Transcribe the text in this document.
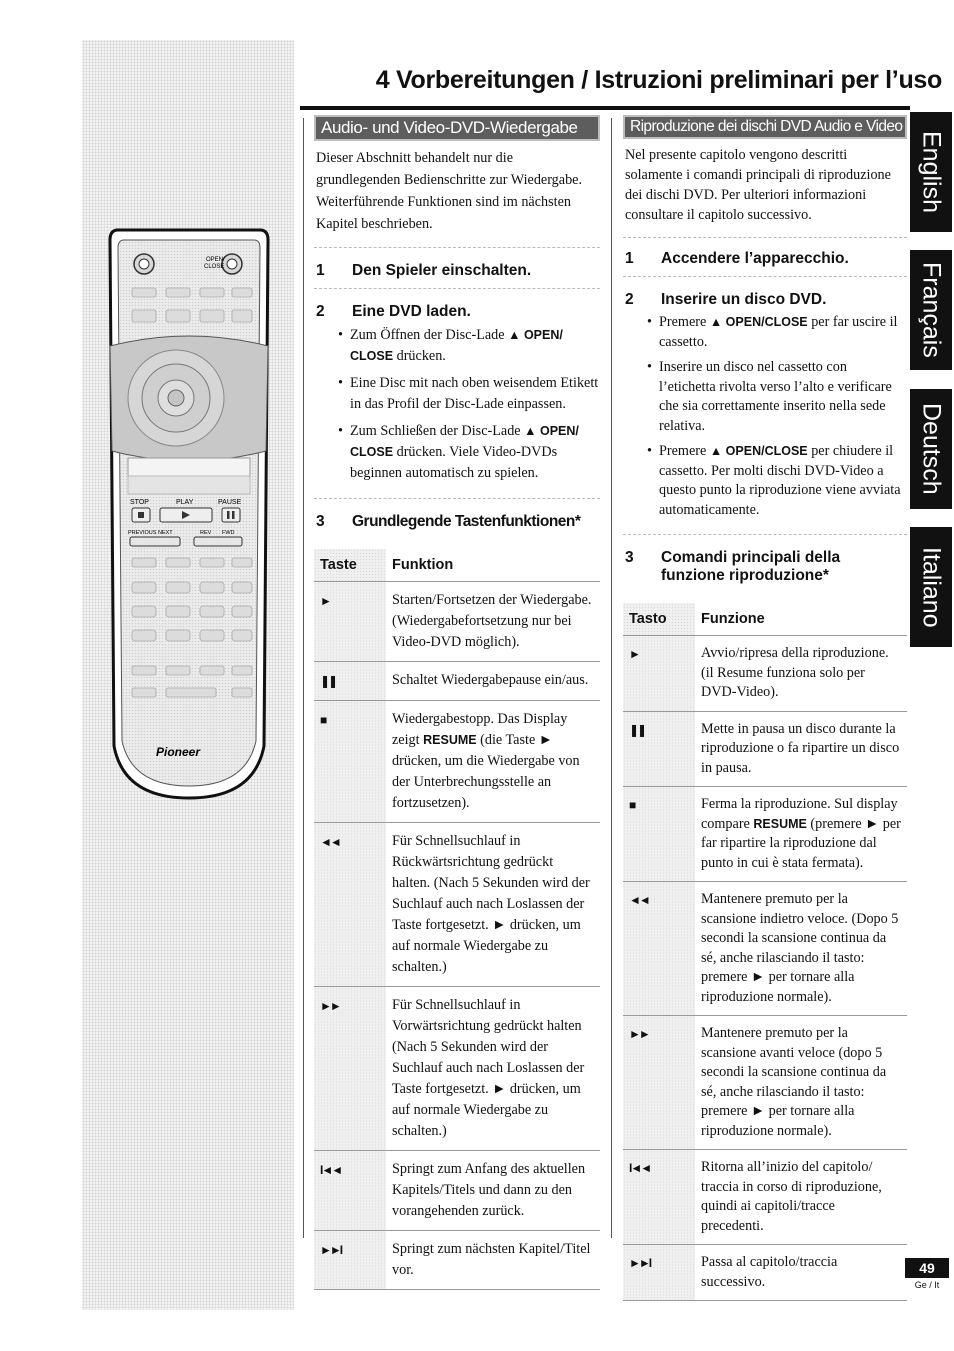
OPEN/
CLOSE
STOP	PLAY	PAUSE
PREVIOUS NEXT	REV FWD
Pioneer
4 Vorbereitungen / Istruzioni preliminari per l’uso
Audio- und Video-DVD-Wiedergabe

Dieser Abschnitt behandelt nur die grundlegenden Bedienschritte zur Wiedergabe. Weiterführende Funktionen sind im nächsten Kapitel beschrieben.

1	Den Spieler einschalten.
2	Eine DVD laden.
• Zum Öffnen der Disc-Lade ▲ OPEN/ CLOSE drücken.
• Eine Disc mit nach oben weisendem Etikett in das Profil der Disc-Lade einpassen.
• Zum Schließen der Disc-Lade ▲ OPEN/ CLOSE drücken. Viele Video-DVDs beginnen automatisch zu spielen.
3	Grundlegende Tastenfunktionen*
Taste	Funktion
►	Starten/Fortsetzen der Wiedergabe. (Wiedergabefortsetzung nur bei Video-DVD möglich).
❚❚	Schaltet Wiedergabepause ein/aus.
■	Wiedergabestopp. Das Display zeigt RESUME (die Taste ► drücken, um die Wiedergabe von der Unterbrechungsstelle an fortzusetzen).
◄◄	Für Schnellsuchlauf in Rückwärtsrichtung gedrückt halten. (Nach 5 Sekunden wird der Suchlauf auch nach Loslassen der Taste fortgesetzt. ► drücken, um auf normale Wiedergabe zu schalten.)
►►	Für Schnellsuchlauf in Vorwärtsrichtung gedrückt halten (Nach 5 Sekunden wird der Suchlauf auch nach Loslassen der Taste fortgesetzt. ► drücken, um auf normale Wiedergabe zu schalten.)
I◄◄	Springt zum Anfang des aktuellen Kapitels/Titels und dann zu den vorangehenden zurück.
►►I	Springt zum nächsten Kapitel/Titel vor.
Riproduzione dei dischi DVD Audio e Video

Nel presente capitolo vengono descritti solamente i comandi principali di riproduzione dei dischi DVD. Per ulteriori informazioni consultare il capitolo successivo.

1	Accendere l’apparecchio.
2	Inserire un disco DVD.
• Premere ▲ OPEN/CLOSE per far uscire il cassetto.
• Inserire un disco nel cassetto con l’etichetta rivolta verso l’alto e verificare che sia correttamente inserito nella sede relativa.
• Premere ▲ OPEN/CLOSE per chiudere il cassetto. Per molti dischi DVD-Video a questo punto la riproduzione viene avviata automaticamente.
3	Comandi principali della funzione riproduzione*
Tasto	Funzione
►	Avvio/ripresa della riproduzione. (il Resume funziona solo per DVD-Video).
❚❚	Mette in pausa un disco durante la riproduzione o fa ripartire un disco in pausa.
■	Ferma la riproduzione. Sul display compare RESUME (premere ► per far ripartire la riproduzione dal punto in cui è stata fermata).
◄◄	Mantenere premuto per la scansione indietro veloce. (Dopo 5 secondi la scansione continua da sé, anche rilasciando il tasto: premere ► per tornare alla riproduzione normale).
►►	Mantenere premuto per la scansione avanti veloce (dopo 5 secondi la scansione continua da sé, anche rilasciando il tasto: premere ► per tornare alla riproduzione normale).
I◄◄	Ritorna all’inizio del capitolo/ traccia in corso di riproduzione, quindi ai capitoli/tracce precedenti.
►►I	Passa al capitolo/traccia successivo.
English
Français
Deutsch
Italiano
49
Ge / It
